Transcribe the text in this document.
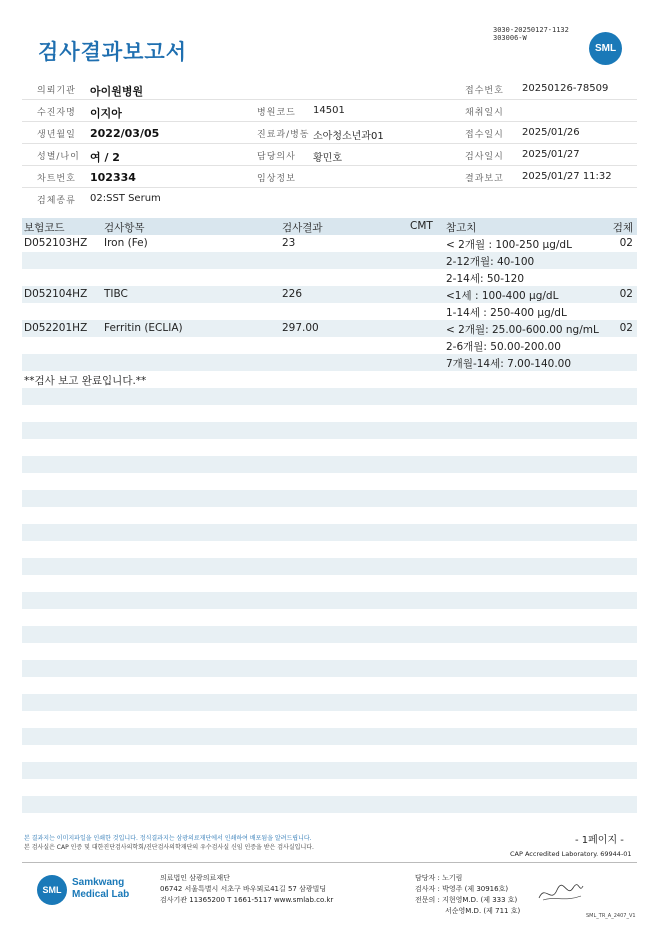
검사결과보고서
3030-20250127-1132
303006-W
SML
의뢰기관 아이원병원	접수번호 20250126-78509
수진자명 이지아	병원코드 14501	채취일시
생년월일 2022/03/05	진료과/병동 소아청소년과01	접수일시 2025/01/26
성별/나이 여 / 2	담당의사 황민호	검사일시 2025/01/27
차트번호 102334	임상정보	결과보고 2025/01/27 11:32
검체종류 02:SST Serum
보험코드	검사항목	검사결과	CMT 참고치	검체
D052103HZ Iron (Fe)	23	< 2개월 : 100-250 μg/dL	02
2-12개월: 40-100
2-14세: 50-120
D052104HZ TIBC	226	<1세 : 100-400 μg/dL	02
1-14세 : 250-400 μg/dL
D052201HZ Ferritin (ECLIA)	297.00	< 2개월: 25.00-600.00 ng/mL 02
2-6개월: 50.00-200.00
7개월-14세: 7.00-140.00
**검사 보고 완료입니다.**
본 결과지는 이미지파일을 인쇄한 것입니다. 정식결과지는 삼광의료재단에서 인쇄하여 배포됨을 알려드립니다.
본 검사실은 CAP 인증 및 대한진단검사의학회/진단검사의학재단의 우수검사실 신임 인증을 받은 검사실입니다.
- 1페이지 -
CAP Accredited Laboratory. 69944-01
SML
Samkwang
Medical Lab
의료법인 삼광의료재단
06742 서울특별시 서초구 바우뫼로41길 57 삼광빌딩
검사기관 11365200 T 1661-5117 www.smlab.co.kr
담당자 : 노기림
검사자 : 박영주 (제 30916호)
전문의 : 지현영M.D. (제 333 호)
서순영M.D. (제 711 호)
SML_TR_A_2407_V1
